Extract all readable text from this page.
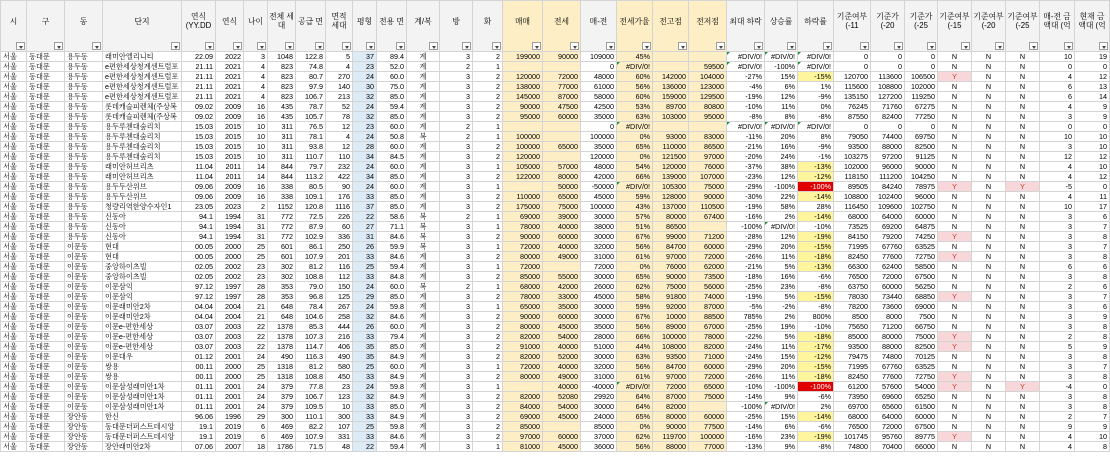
시	구	동	단지	연식 (YY.DD	연식	나이	전체 세대	공급 면	면적 세대	평형	전용 면	계/복	방	화	매매	전세	매-전	전세가율	전고점	전저점	최대 하락	상승률	하락률	기준여부 (-11	기준가 (-20	기준가 (-25	기준여부 (-15	기준여부 (-20	기준여부 (-25	매-전 금액대 (억	현재 금액대 (억

서울	동대문	용두동	래미안엘리니티	22.09	2022	3	1048	122.8	5	37	89.4	계	3	2	199000	90000	109000	45%			#DIV/0!	#DIV/0!	#DIV/0!	0	0	0	N	N	N	10	19
서울	동대문	용두동	e편한세상청계센트럴포	21.11	2021	4	823	74.8	4	23	52.0	계	2	1			0	#DIV/0!		59500	#DIV/0!	-100%	#DIV/0!	0	0	0	N	N	N	0	0
서울	동대문	용두동	e편한세상청계센트럴포	21.11	2021	4	823	80.7	270	24	60.0	계	3	2	120000	72000	48000	60%	142000	104000	-27%	15%	-15%	120700	113600	106500	Y	N	N	4	12
서울	동대문	용두동	e편한세상청계센트럴포	21.11	2021	4	823	97.9	140	30	75.0	계	3	2	138000	77000	61000	56%	136000	123000	-4%	6%	1%	115600	108800	102000	N	N	N	6	13
서울	동대문	용두동	e편한세상청계센트럴포	21.11	2021	4	823	106.7	213	32	85.0	계	3	2	145000	87000	58000	60%	159000	129500	-19%	12%	-9%	135150	127200	119250	N	N	N	6	14
서울	동대문	용두동	롯데캐슬피렌체(주상복	09.02	2009	16	435	78.7	52	24	59.4	계	3	2	90000	47500	42500	53%	89700	80800	-10%	11%	0%	76245	71760	67275	N	N	N	4	9
서울	동대문	용두동	롯데캐슬피렌체(주상복	09.02	2009	16	435	105.7	78	32	85.0	계	3	2	95000	60000	35000	63%	103000	95000	-8%	8%	-8%	87550	82400	77250	N	N	N	3	9
서울	동대문	용두동	용두루첸대숲리치	15.03	2015	10	311	76.5	12	23	60.0	계	2	1			0	#DIV/0!			#DIV/0!	#DIV/0!	#DIV/0!	0	0	0	N	N	N	0	0
서울	동대문	용두동	용두루첸대숲리치	15.03	2015	10	311	78.1	4	24	50.8	복	2	1	100000		100000	0%	93000	83000	-11%	20%	8%	79050	74400	69750	N	N	N	10	10
서울	동대문	용두동	용두루첸대숲리치	15.03	2015	10	311	93.8	12	28	60.0	계	3	2	100000	65000	35000	65%	110000	86500	-21%	16%	-9%	93500	88000	82500	N	N	N	3	10
서울	동대문	용두동	용두루첸대숲리치	15.03	2015	10	311	110.7	110	34	84.5	계	3	2	120000		120000	0%	121500	97000	-20%	24%	-1%	103275	97200	91125	N	N	N	12	12
서울	동대문	용두동	래미안허브리츠	11.04	2011	14	844	79.7	232	24	60.0	계	3	1	105000	57000	48000	54%	120000	76000	-37%	38%	-13%	102000	96000	90000	N	N	N	4	10
서울	동대문	용두동	래미안허브리츠	11.04	2011	14	844	113.2	422	34	85.0	계	3	2	122000	80000	42000	66%	139000	107000	-23%	12%	-12%	118150	111200	104250	N	N	N	4	12
서울	동대문	용두동	용두두산위브	09.06	2009	16	338	80.5	90	24	60.0	계	3	1		50000	-50000	#DIV/0!	105300	75000	-29%	-100%	-100%	89505	84240	78975	Y	N	Y	-5	0
서울	동대문	용두동	용두두산위브	09.06	2009	16	338	109.1	176	33	85.0	계	3	2	110000	65000	45000	59%	128000	90000	-30%	22%	-14%	108800	102400	96000	N	N	N	4	11
서울	동대문	용두동	청량리역한양수자인1	23.05	2023	2	1152	120.8	1116	37	85.0	계	3	2	175000	75000	100000	43%	137000	110500	-19%	58%	28%	116450	109600	102750	N	N	N	10	17
서울	동대문	용두동	신동아	94.1	1994	31	772	72.5	226	22	58.6	복	2	1	69000	39000	30000	57%	80000	67400	-16%	2%	-14%	68000	64000	60000	N	N	N	3	6
서울	동대문	용두동	신동아	94.1	1994	31	772	87.9	60	27	71.1	복	3	1	78000	40000	38000	51%	86500		-100%	#DIV/0!	-10%	73525	69200	64875	N	N	N	3	7
서울	동대문	용두동	신동아	94.1	1994	31	772	102.9	336	31	84.6	복	3	2	90000	60000	30000	67%	99000	71200	-28%	12%	-19%	84150	79200	74250	Y	N	N	3	8
서울	동대문	이문동	현대	00.05	2000	25	601	86.1	250	26	59.9	복	3	1	72000	40000	32000	56%	84700	60000	-29%	20%	-15%	71995	67760	63525	N	N	N	3	7
서울	동대문	이문동	현대	00.05	2000	25	601	107.9	201	33	84.6	계	3	2	80000	49000	31000	61%	97000	72000	-26%	11%	-18%	82450	77600	72750	Y	N	N	3	8
서울	동대문	이문동	중앙하이츠빌	02.05	2002	23	302	81.2	116	25	59.4	계	3	1	72000		72000	0%	76000	62000	-21%	5%	-13%	66300	62400	58500	N	N	N	6	6
서울	동대문	이문동	중앙하이츠빌	02.05	2002	23	302	108.8	112	33	84.8	계	3	2	85000	55000	30000	65%	90000	73500	-18%	16%	-6%	76500	72000	67500	N	N	N	3	8
서울	동대문	이문동	이문삼익	97.12	1997	28	353	79.0	150	24	60.0	복	2	1	68000	42000	26000	62%	75000	56000	-25%	23%	-8%	63750	60000	56250	N	N	N	2	6
서울	동대문	이문동	이문삼익	97.12	1997	28	353	96.8	125	29	85.0	계	3	2	78000	33000	45000	58%	91800	74000	-19%	5%	-15%	78030	73440	68850	Y	N	N	3	7
서울	동대문	이문동	이문래미안2차	04.04	2004	21	648	78.4	267	24	59.8	계	3	1	65000	35000	30000	59%	92000	87000	-5%	-2%	-8%	78200	73600	69000	N	N	N	3	6
서울	동대문	이문동	이문래미안2차	04.04	2004	21	648	104.6	258	32	84.6	계	3	2	90000	60000	30000	67%	10000	88500	785%	2%	800%	8500	8000	7500	N	N	N	3	9
서울	동대문	이문동	이문e-편한세상	03.07	2003	22	1378	85.3	444	26	60.0	계	3	2	80000	45000	35000	56%	89000	67000	-25%	19%	-10%	75650	71200	66750	N	N	N	3	8
서울	동대문	이문동	이문e-편한세상	03.07	2003	22	1378	107.3	216	33	79.4	계	3	2	82000	54000	28000	66%	100000	78000	-22%	5%	-18%	85000	80000	75000	Y	N	N	2	8
서울	동대문	이문동	이문e-편한세상	03.07	2003	22	1378	114.7	406	35	85.0	계	3	2	91000	40000	51000	44%	108000	82000	-24%	11%	-17%	93500	88000	82500	Y	N	N	5	9
서울	동대문	이문동	이문대우	01.12	2001	24	490	116.3	490	35	84.9	계	3	2	82000	52000	30000	63%	93500	71000	-24%	15%	-12%	79475	74800	70125	N	N	N	3	8
서울	동대문	이문동	쌍용	00.11	2000	25	1318	81.2	580	25	60.0	계	3	1	72000	40000	32000	56%	84700	60000	-29%	20%	-15%	71995	67760	63525	N	N	N	3	7
서울	동대문	이문동	쌍용	00.11	2000	25	1318	108.8	450	33	84.9	계	3	2	80000	49000	31000	61%	97000	72000	-26%	11%	-18%	82450	77600	72750	Y	N	N	3	8
서울	동대문	이문동	이문삼성래미안1차	01.11	2001	24	379	77.8	23	24	59.8	계	3	1		40000	-40000	#DIV/0!	72000	65000	-10%	-100%	-100%	61200	57600	54000	Y	N	Y	-4	0
서울	동대문	이문동	이문삼성래미안1차	01.11	2001	24	379	106.7	123	32	84.9	계	3	2	82000	52080	29920	64%	87000	75000	-14%	9%	-6%	73950	69600	65250	N	N	N	3	8
서울	동대문	이문동	이문삼성래미안1차	01.11	2001	24	379	109.5	10	33	85.0	계	3	2	84000	54000	30000	64%	82000		-100%	#DIV/0!	2%	69700	65600	61500	N	N	N	3	8
서울	동대문	장안동	한신	96.06	1996	29	300	110.1	300	33	84.9	계	3	2	69000	45000	24000	65%	80000	60000	-25%	15%	-14%	68000	64000	60000	N	N	N	2	7
서울	동대문	장안동	동대문더퍼스트데시앙	19.1	2019	6	469	82.2	107	25	59.8	계	3	2	85000		85000	0%	90000	77500	-14%	6%	-6%	76500	72000	67500	N	N	N	9	9
서울	동대문	장안동	동대문더퍼스트데시앙	19.1	2019	6	469	107.9	331	33	84.6	계	3	2	97000	60000	37000	62%	119700	100000	-16%	23%	-19%	101745	95760	89775	Y	N	N	4	10
서울	동대문	장안동	장안래미안2차	07.06	2007	18	1786	71.5	48	22	59.4	계	3	1	81000	45000	36000	56%	88000	77000	-13%	9%	-8%	74800	70400	66000	N	N	N	4	8
